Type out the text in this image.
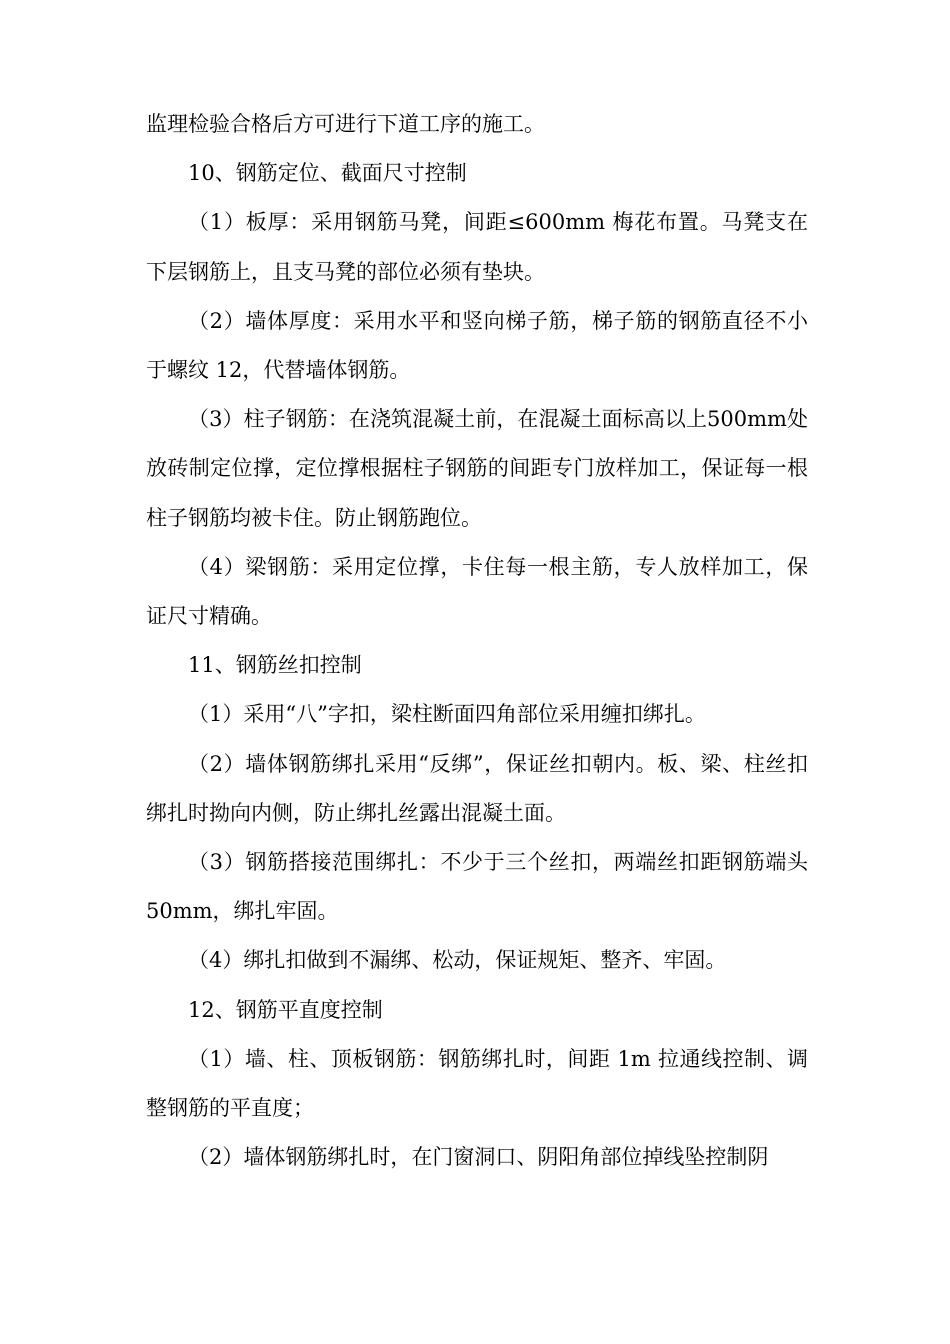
监理检验合格后方可进行下道工序的施工。

10、钢筋定位、截面尺寸控制

（1）板厚：采用钢筋马凳，间距≤600mm 梅花布置。马凳支在下层钢筋上，且支马凳的部位必须有垫块。

（2）墙体厚度：采用水平和竖向梯子筋，梯子筋的钢筋直径不小于螺纹 12，代替墙体钢筋。

（3）柱子钢筋：在浇筑混凝土前，在混凝土面标高以上500mm处放砖制定位撑，定位撑根据柱子钢筋的间距专门放样加工，保证每一根柱子钢筋均被卡住。防止钢筋跑位。

（4）梁钢筋：采用定位撑，卡住每一根主筋，专人放样加工，保证尺寸精确。

11、钢筋丝扣控制

（1）采用“八”字扣，梁柱断面四角部位采用缠扣绑扎。

（2）墙体钢筋绑扎采用“反绑”，保证丝扣朝内。板、梁、柱丝扣绑扎时拗向内侧，防止绑扎丝露出混凝土面。

（3）钢筋搭接范围绑扎：不少于三个丝扣，两端丝扣距钢筋端头 50mm，绑扎牢固。

（4）绑扎扣做到不漏绑、松动，保证规矩、整齐、牢固。

12、钢筋平直度控制

（1）墙、柱、顶板钢筋：钢筋绑扎时，间距 1m 拉通线控制、调整钢筋的平直度；

（2）墙体钢筋绑扎时，在门窗洞口、阴阳角部位掉线坠控制阴
